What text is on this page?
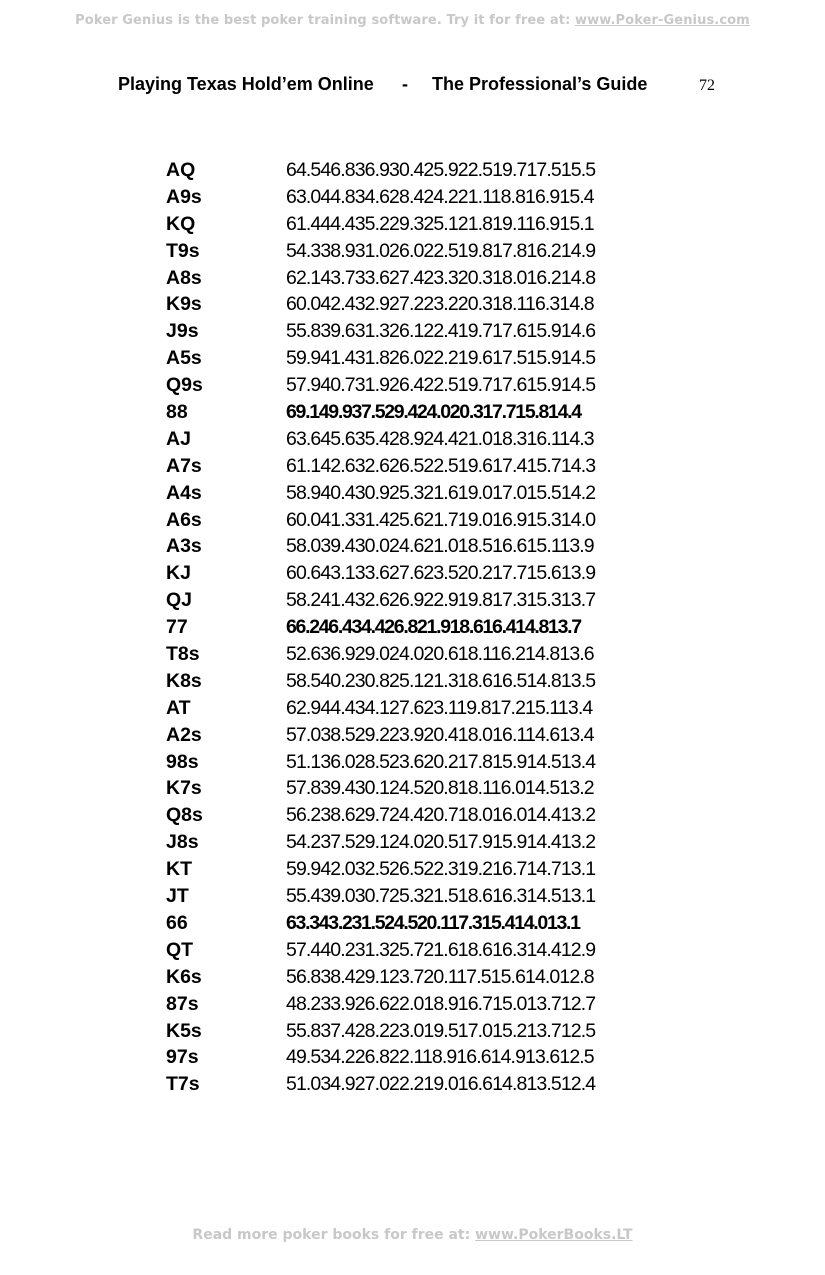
Poker Genius is the best poker training software. Try it for free at: www.Poker-Genius.com
Playing Texas Hold’em Online - The Professional’s Guide	72
AQ	64.546.836.930.425.922.519.717.515.5
A9s	63.044.834.628.424.221.118.816.915.4
KQ	61.444.435.229.325.121.819.116.915.1
T9s	54.338.931.026.022.519.817.816.214.9
A8s	62.143.733.627.423.320.318.016.214.8
K9s	60.042.432.927.223.220.318.116.314.8
J9s	55.839.631.326.122.419.717.615.914.6
A5s	59.941.431.826.022.219.617.515.914.5
Q9s	57.940.731.926.422.519.717.615.914.5
88	69.149.937.529.424.020.317.715.814.4
AJ	63.645.635.428.924.421.018.316.114.3
A7s	61.142.632.626.522.519.617.415.714.3
A4s	58.940.430.925.321.619.017.015.514.2
A6s	60.041.331.425.621.719.016.915.314.0
A3s	58.039.430.024.621.018.516.615.113.9
KJ	60.643.133.627.623.520.217.715.613.9
QJ	58.241.432.626.922.919.817.315.313.7
77	66.246.434.426.821.918.616.414.813.7
T8s	52.636.929.024.020.618.116.214.813.6
K8s	58.540.230.825.121.318.616.514.813.5
AT	62.944.434.127.623.119.817.215.113.4
A2s	57.038.529.223.920.418.016.114.613.4
98s	51.136.028.523.620.217.815.914.513.4
K7s	57.839.430.124.520.818.116.014.513.2
Q8s	56.238.629.724.420.718.016.014.413.2
J8s	54.237.529.124.020.517.915.914.413.2
KT	59.942.032.526.522.319.216.714.713.1
JT	55.439.030.725.321.518.616.314.513.1
66	63.343.231.524.520.117.315.414.013.1
QT	57.440.231.325.721.618.616.314.412.9
K6s	56.838.429.123.720.117.515.614.012.8
87s	48.233.926.622.018.916.715.013.712.7
K5s	55.837.428.223.019.517.015.213.712.5
97s	49.534.226.822.118.916.614.913.612.5
T7s	51.034.927.022.219.016.614.813.512.4
Read more poker books for free at: www.PokerBooks.LT
